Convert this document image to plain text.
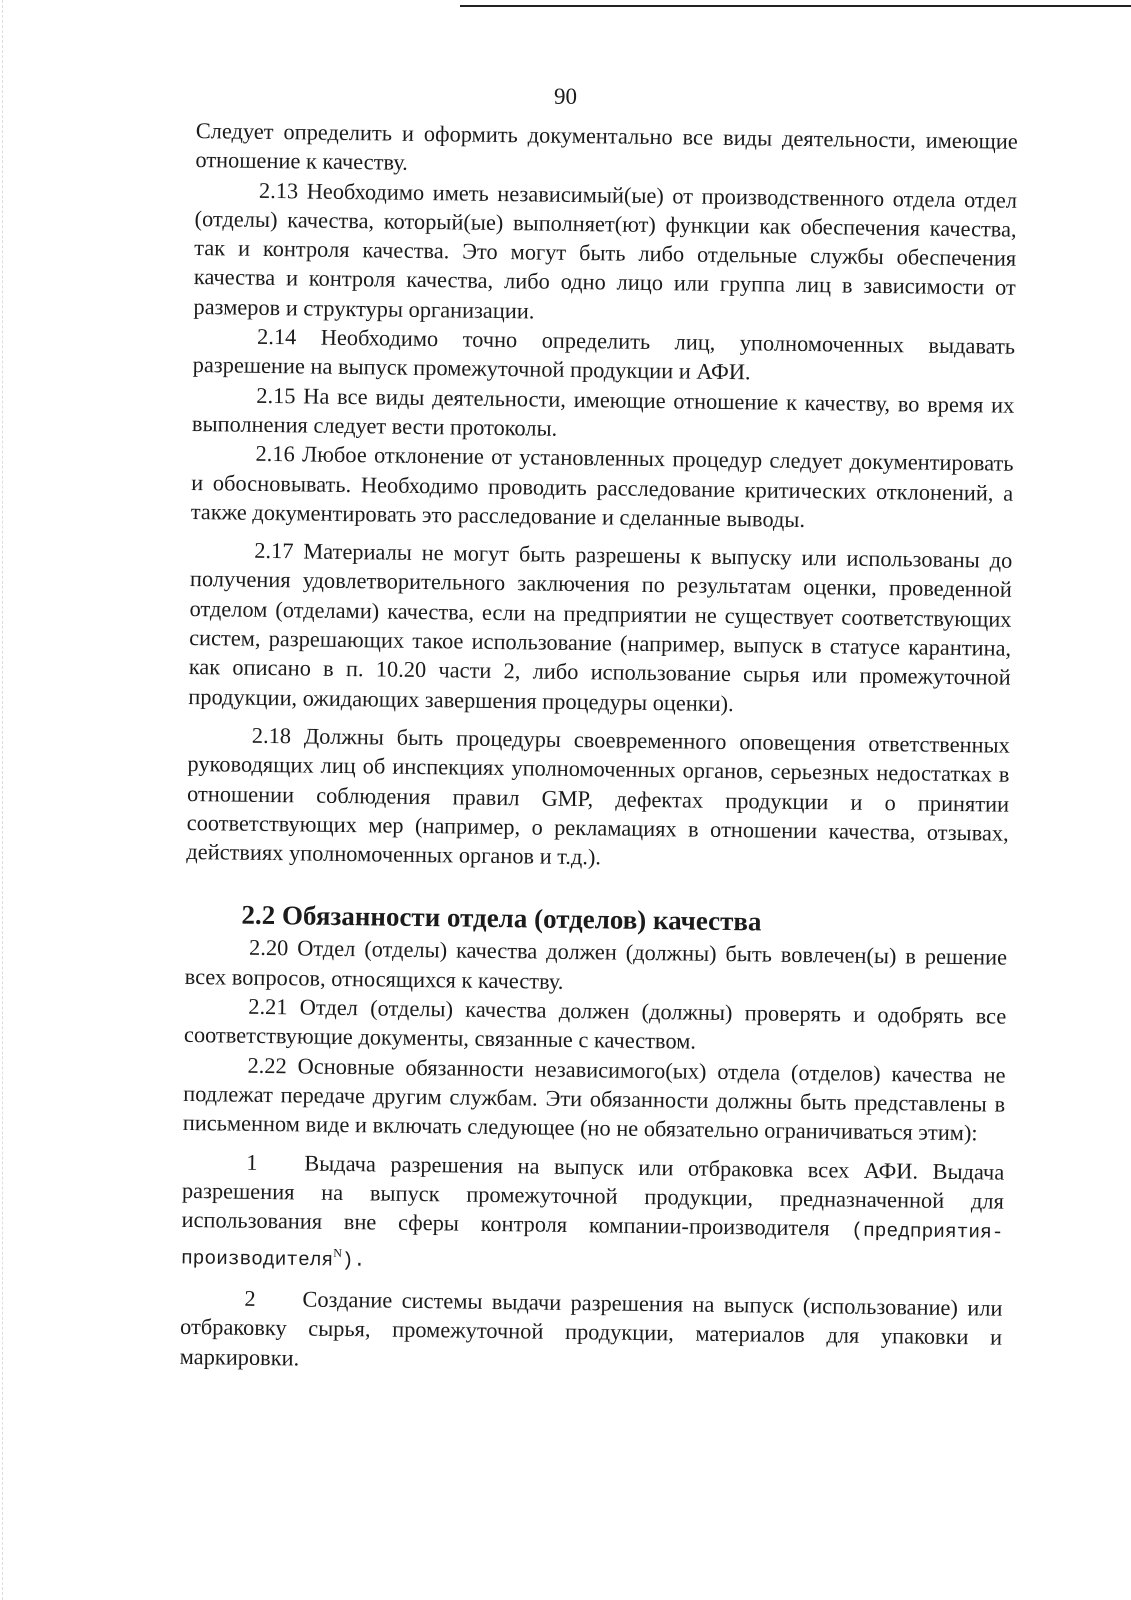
90

Следует определить и оформить документально все виды деятельности, имеющие отношение к качеству.

2.13 Необходимо иметь независимый(ые) от производственного отдела отдел (отделы) качества, который(ые) выполняет(ют) функции как обеспечения качества, так и контроля качества. Это могут быть либо отдельные службы обеспечения качества и контроля качества, либо одно лицо или группа лиц в зависимости от размеров и структуры организации.

2.14 Необходимо точно определить лиц, уполномоченных выдавать разрешение на выпуск промежуточной продукции и АФИ.

2.15 На все виды деятельности, имеющие отношение к качеству, во время их выполнения следует вести протоколы.

2.16 Любое отклонение от установленных процедур следует документировать и обосновывать. Необходимо проводить расследование критических отклонений, а также документировать это расследование и сделанные выводы.

2.17 Материалы не могут быть разрешены к выпуску или использованы до получения удовлетворительного заключения по результатам оценки, проведенной отделом (отделами) качества, если на предприятии не существует соответствующих систем, разрешающих такое использование (например, выпуск в статусе карантина, как описано в п. 10.20 части 2, либо использование сырья или промежуточной продукции, ожидающих завершения процедуры оценки).

2.18 Должны быть процедуры своевременного оповещения ответственных руководящих лиц об инспекциях уполномоченных органов, серьезных недостатках в отношении соблюдения правил GMP, дефектах продукции и о принятии соответствующих мер (например, о рекламациях в отношении качества, отзывах, действиях уполномоченных органов и т.д.).

2.2 Обязанности отдела (отделов) качества

2.20 Отдел (отделы) качества должен (должны) быть вовлечен(ы) в решение всех вопросов, относящихся к качеству.

2.21 Отдел (отделы) качества должен (должны) проверять и одобрять все соответствующие документы, связанные с качеством.

2.22 Основные обязанности независимого(ых) отдела (отделов) качества не подлежат передаче другим службам. Эти обязанности должны быть представлены в письменном виде и включать следующее (но не обязательно ограничиваться этим):

1 Выдача разрешения на выпуск или отбраковка всех АФИ. Выдача разрешения на выпуск промежуточной продукции, предназначенной для использования вне сферы контроля компании-производителя (предприятия-производителя$^N$).

2 Создание системы выдачи разрешения на выпуск (использование) или отбраковку сырья, промежуточной продукции, материалов для упаковки и маркировки.
